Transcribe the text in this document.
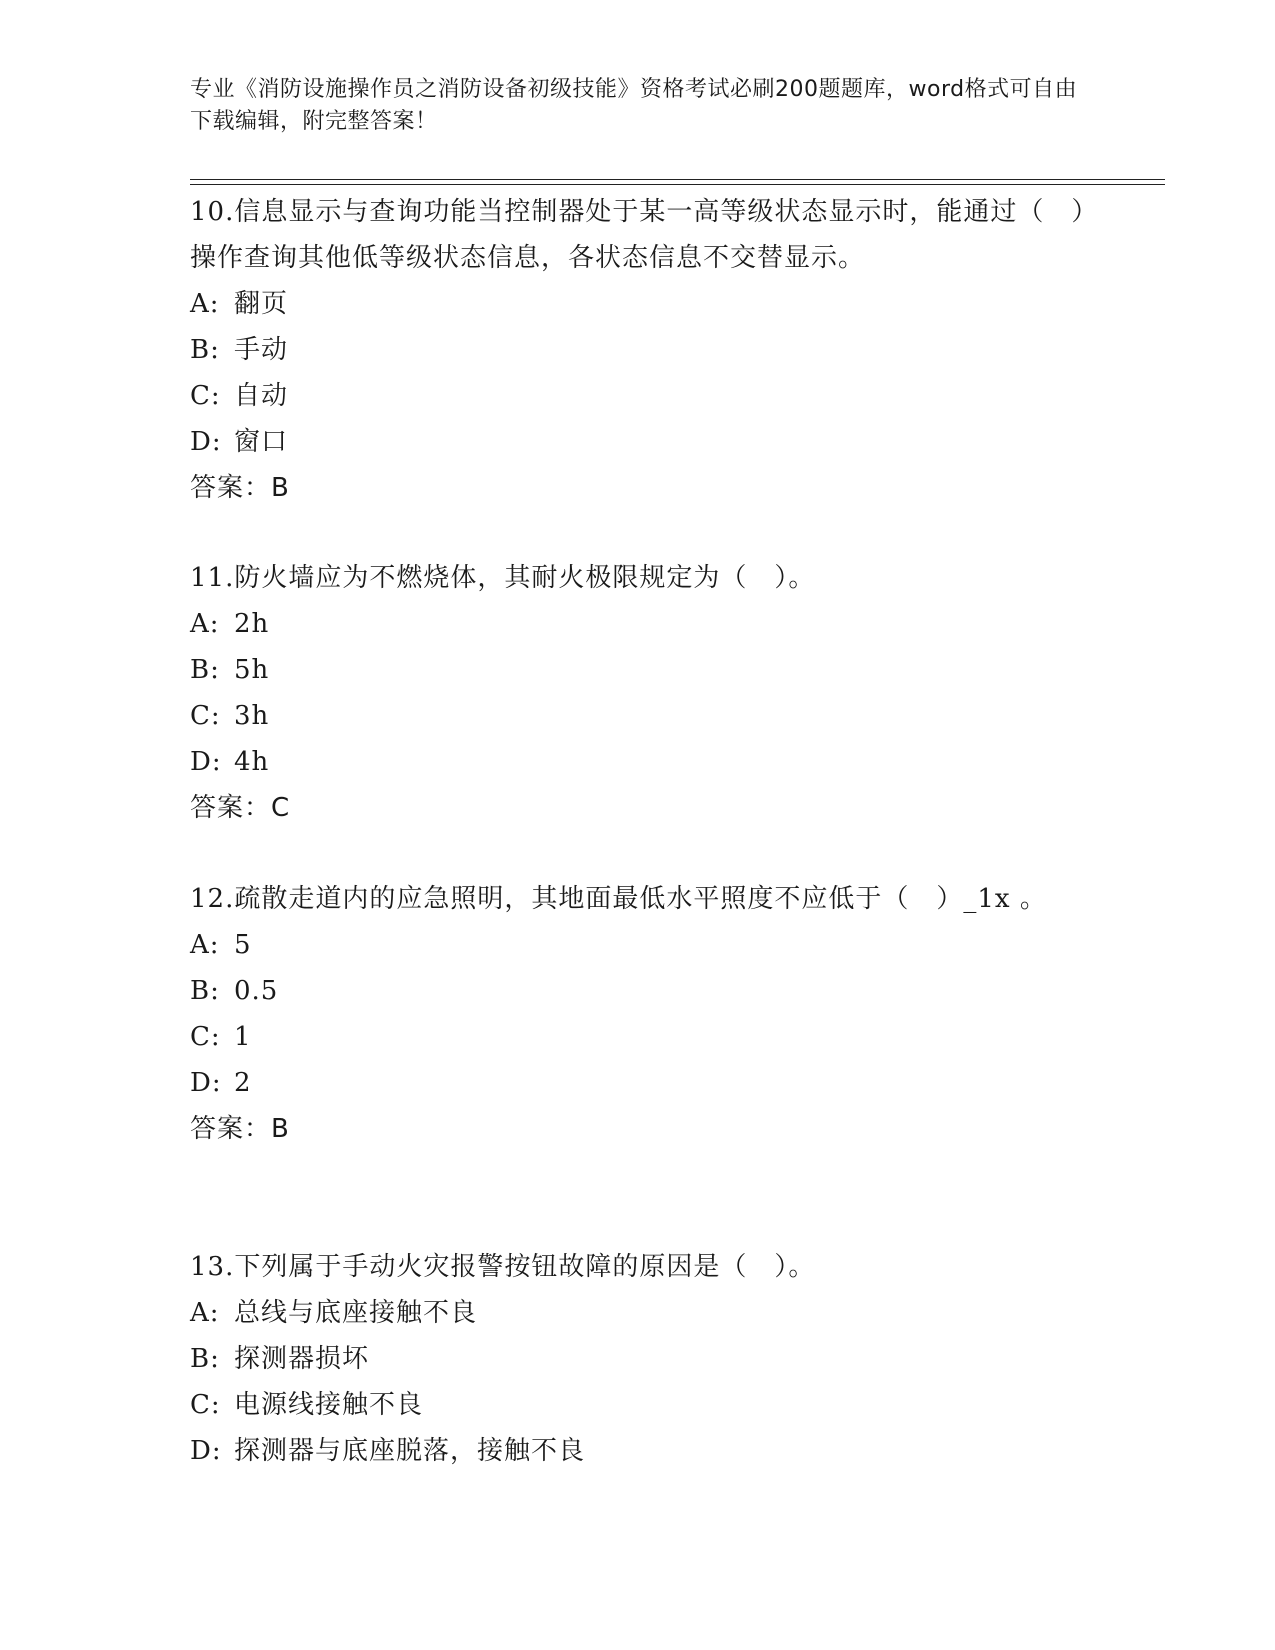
专业《消防设施操作员之消防设备初级技能》资格考试必刷200题题库，word格式可自由下载编辑，附完整答案！

10.信息显示与查询功能当控制器处于某一高等级状态显示时，能通过（　）操作查询其他低等级状态信息，各状态信息不交替显示。

A: 翻页
B: 手动
C: 自动
D: 窗口
答案：B

11.防火墙应为不燃烧体，其耐火极限规定为（　）。

A: 2h
B: 5h
C: 3h
D: 4h
答案：C

12.疏散走道内的应急照明，其地面最低水平照度不应低于（　）_1x 。

A: 5
B: 0.5
C: 1
D: 2
答案：B

13.下列属于手动火灾报警按钮故障的原因是（　）。

A: 总线与底座接触不良
B: 探测器损坏
C: 电源线接触不良
D: 探测器与底座脱落，接触不良
